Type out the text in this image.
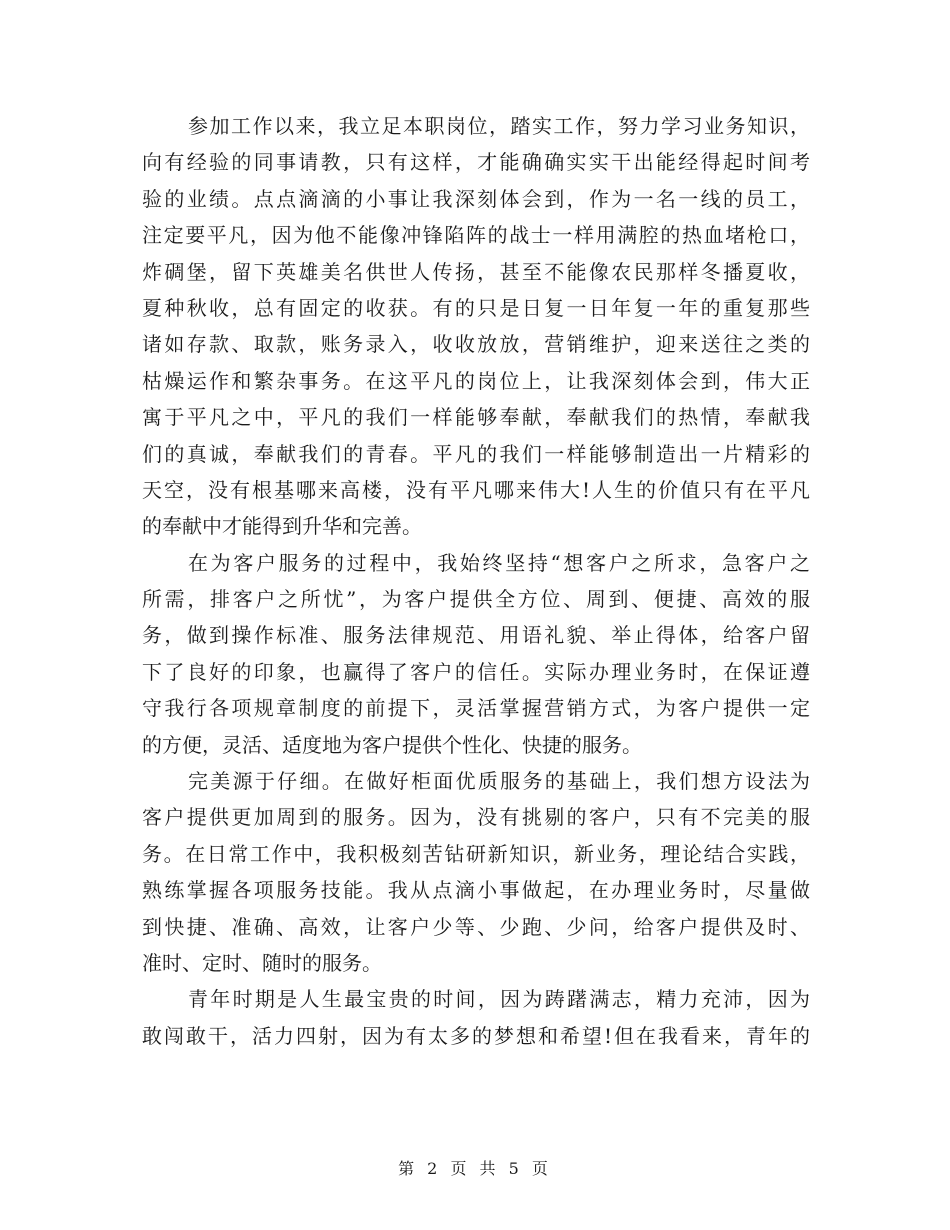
参加工作以来，我立足本职岗位，踏实工作，努力学习业务知识，
向有经验的同事请教，只有这样，才能确确实实干出能经得起时间考
验的业绩。点点滴滴的小事让我深刻体会到，作为一名一线的员工，
注定要平凡，因为他不能像冲锋陷阵的战士一样用满腔的热血堵枪口，
炸碉堡，留下英雄美名供世人传扬，甚至不能像农民那样冬播夏收，
夏种秋收，总有固定的收获。有的只是日复一日年复一年的重复那些
诸如存款、取款，账务录入，收收放放，营销维护，迎来送往之类的
枯燥运作和繁杂事务。在这平凡的岗位上，让我深刻体会到，伟大正
寓于平凡之中，平凡的我们一样能够奉献，奉献我们的热情，奉献我
们的真诚，奉献我们的青春。平凡的我们一样能够制造出一片精彩的
天空，没有根基哪来高楼，没有平凡哪来伟大!人生的价值只有在平凡
的奉献中才能得到升华和完善。
在为客户服务的过程中，我始终坚持“想客户之所求，急客户之
所需，排客户之所忧”，为客户提供全方位、周到、便捷、高效的服
务，做到操作标准、服务法律规范、用语礼貌、举止得体，给客户留
下了良好的印象，也赢得了客户的信任。实际办理业务时，在保证遵
守我行各项规章制度的前提下，灵活掌握营销方式，为客户提供一定
的方便，灵活、适度地为客户提供个性化、快捷的服务。
完美源于仔细。在做好柜面优质服务的基础上，我们想方设法为
客户提供更加周到的服务。因为，没有挑剔的客户，只有不完美的服
务。在日常工作中，我积极刻苦钻研新知识，新业务，理论结合实践，
熟练掌握各项服务技能。我从点滴小事做起，在办理业务时，尽量做
到快捷、准确、高效，让客户少等、少跑、少问，给客户提供及时、
准时、定时、随时的服务。
青年时期是人生最宝贵的时间，因为踌躇满志，精力充沛，因为
敢闯敢干，活力四射，因为有太多的梦想和希望!但在我看来，青年的
第 2 页 共 5 页
